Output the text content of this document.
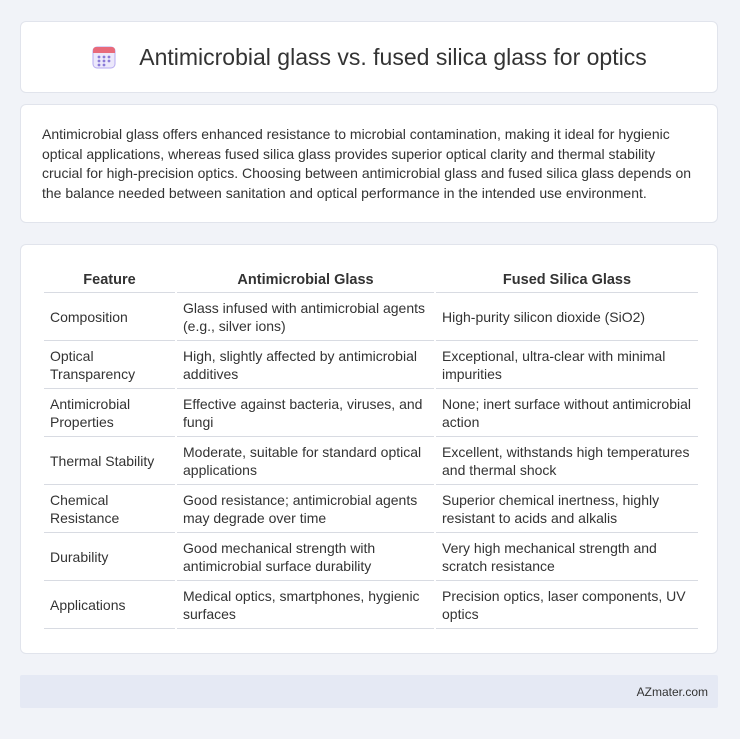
Antimicrobial glass vs. fused silica glass for optics

Antimicrobial glass offers enhanced resistance to microbial contamination, making it ideal for hygienic optical applications, whereas fused silica glass provides superior optical clarity and thermal stability crucial for high-precision optics. Choosing between antimicrobial glass and fused silica glass depends on the balance needed between sanitation and optical performance in the intended use environment.

Feature	Antimicrobial Glass	Fused Silica Glass
Composition	Glass infused with antimicrobial agents (e.g., silver ions)	High-purity silicon dioxide (SiO2)
Optical Transparency	High, slightly affected by antimicrobial additives	Exceptional, ultra-clear with minimal impurities
Antimicrobial Properties	Effective against bacteria, viruses, and fungi	None; inert surface without antimicrobial action
Thermal Stability	Moderate, suitable for standard optical applications	Excellent, withstands high temperatures and thermal shock
Chemical Resistance	Good resistance; antimicrobial agents may degrade over time	Superior chemical inertness, highly resistant to acids and alkalis
Durability	Good mechanical strength with antimicrobial surface durability	Very high mechanical strength and scratch resistance
Applications	Medical optics, smartphones, hygienic surfaces	Precision optics, laser components, UV optics
AZmater.com
